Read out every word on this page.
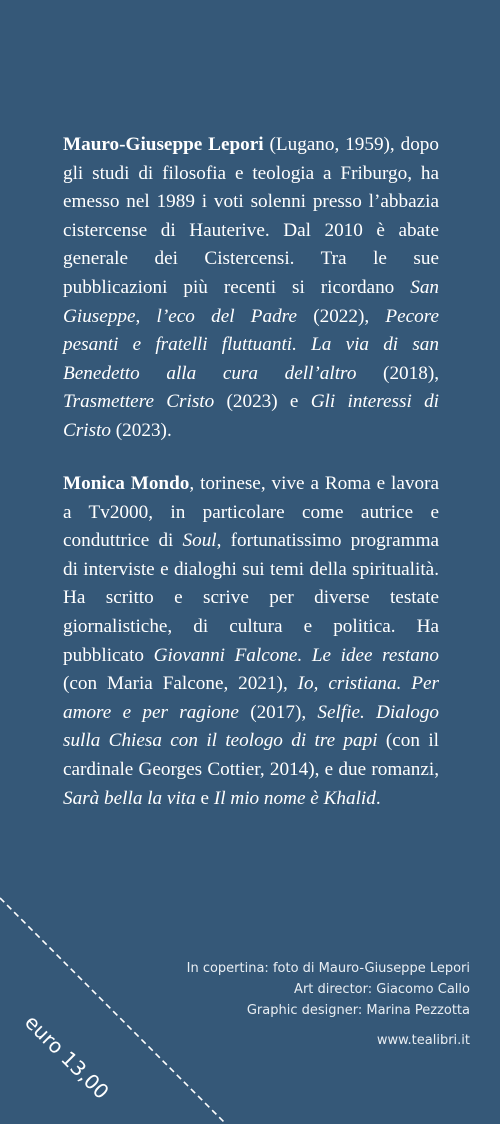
Mauro-Giuseppe Lepori (Lugano, 1959), dopo gli studi di filosofia e teologia a Friburgo, ha emesso nel 1989 i voti solenni presso l’abbazia cistercense di Hauterive. Dal 2010 è abate generale dei Cistercensi. Tra le sue pubblicazioni più recenti si ricordano San Giuseppe, l’eco del Padre (2022), Pecore pesanti e fratelli fluttuanti. La via di san Benedetto alla cura dell’altro (2018), Trasmettere Cristo (2023) e Gli interessi di Cristo (2023).

Monica Mondo, torinese, vive a Roma e lavora a Tv2000, in particolare come autrice e conduttrice di Soul, fortunatissimo programma di interviste e dialoghi sui temi della spiritualità. Ha scritto e scrive per diverse testate giornalistiche, di cultura e politica. Ha pubblicato Giovanni Falcone. Le idee restano (con Maria Falcone, 2021), Io, cristiana. Per amore e per ragione (2017), Selfie. Dialogo sulla Chiesa con il teologo di tre papi (con il cardinale Georges Cottier, 2014), e due romanzi, Sarà bella la vita e Il mio nome è Khalid.

euro 13,00
In copertina: foto di Mauro-Giuseppe Lepori
Art director: Giacomo Callo
Graphic designer: Marina Pezzotta
www.tealibri.it
